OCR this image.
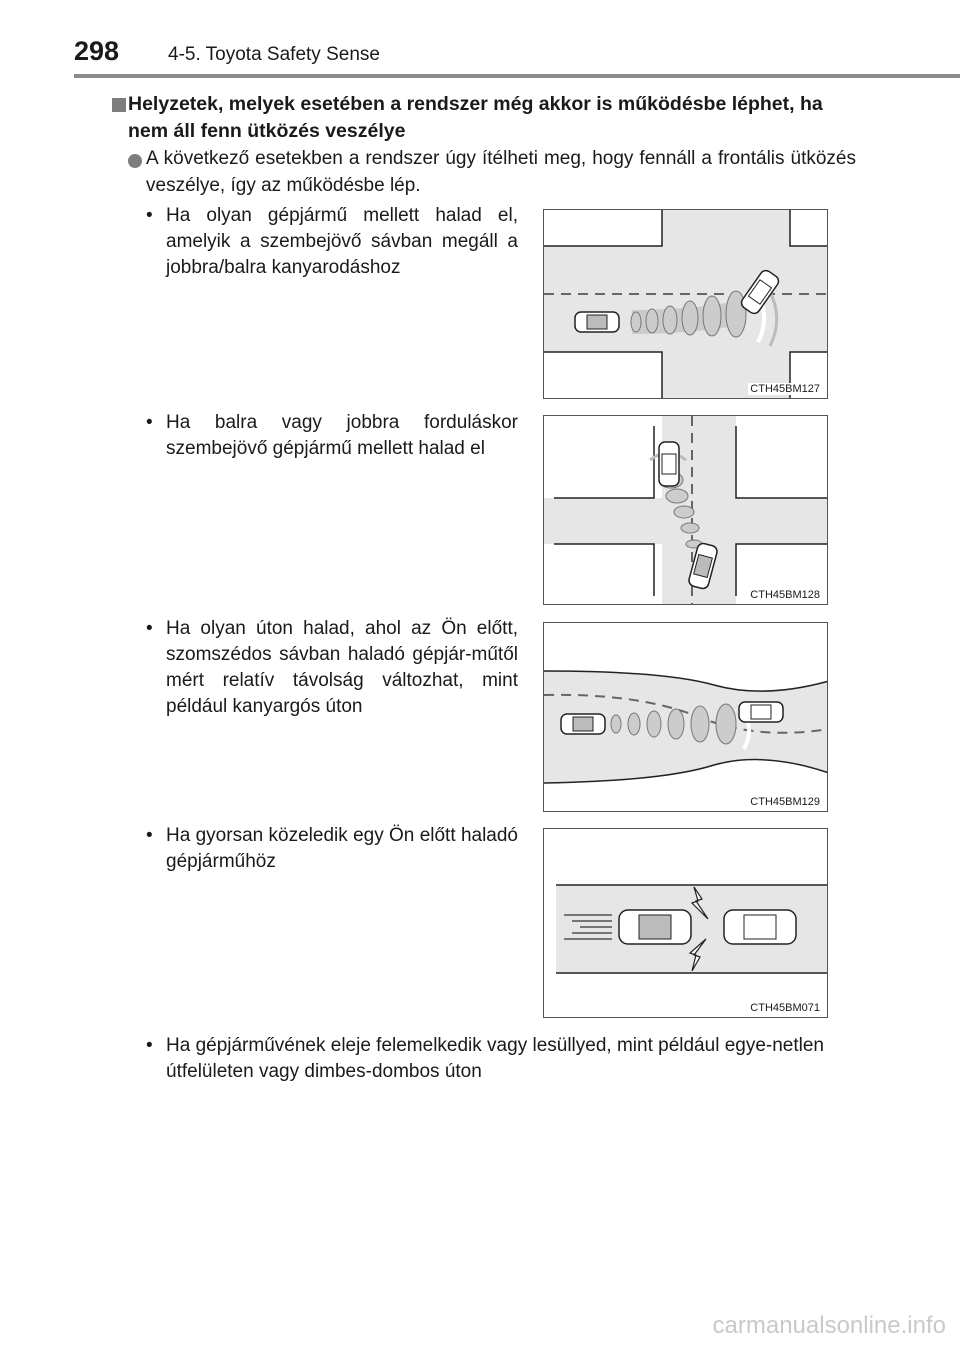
298	4-5. Toyota Safety Sense
Helyzetek, melyek esetében a rendszer még akkor is működésbe léphet, ha nem áll fenn ütközés veszélye
A következő esetekben a rendszer úgy ítélheti meg, hogy fennáll a frontális ütközés veszélye, így az működésbe lép.
• Ha olyan gépjármű mellett halad el, amelyik a szembejövő sávban megáll a jobbra/balra kanyarodáshoz
CTH45BM127
• Ha balra vagy jobbra forduláskor szembejövő gépjármű mellett halad el
CTH45BM128
• Ha olyan úton halad, ahol az Ön előtt, szomszédos sávban haladó gépjár-műtől mért relatív távolság változhat, mint például kanyargós úton
CTH45BM129
• Ha gyorsan közeledik egy Ön előtt haladó gépjárműhöz
CTH45BM071
• Ha gépjárművének eleje felemelkedik vagy lesüllyed, mint például egye-netlen útfelületen vagy dimbes-dombos úton
carmanualsonline.info
